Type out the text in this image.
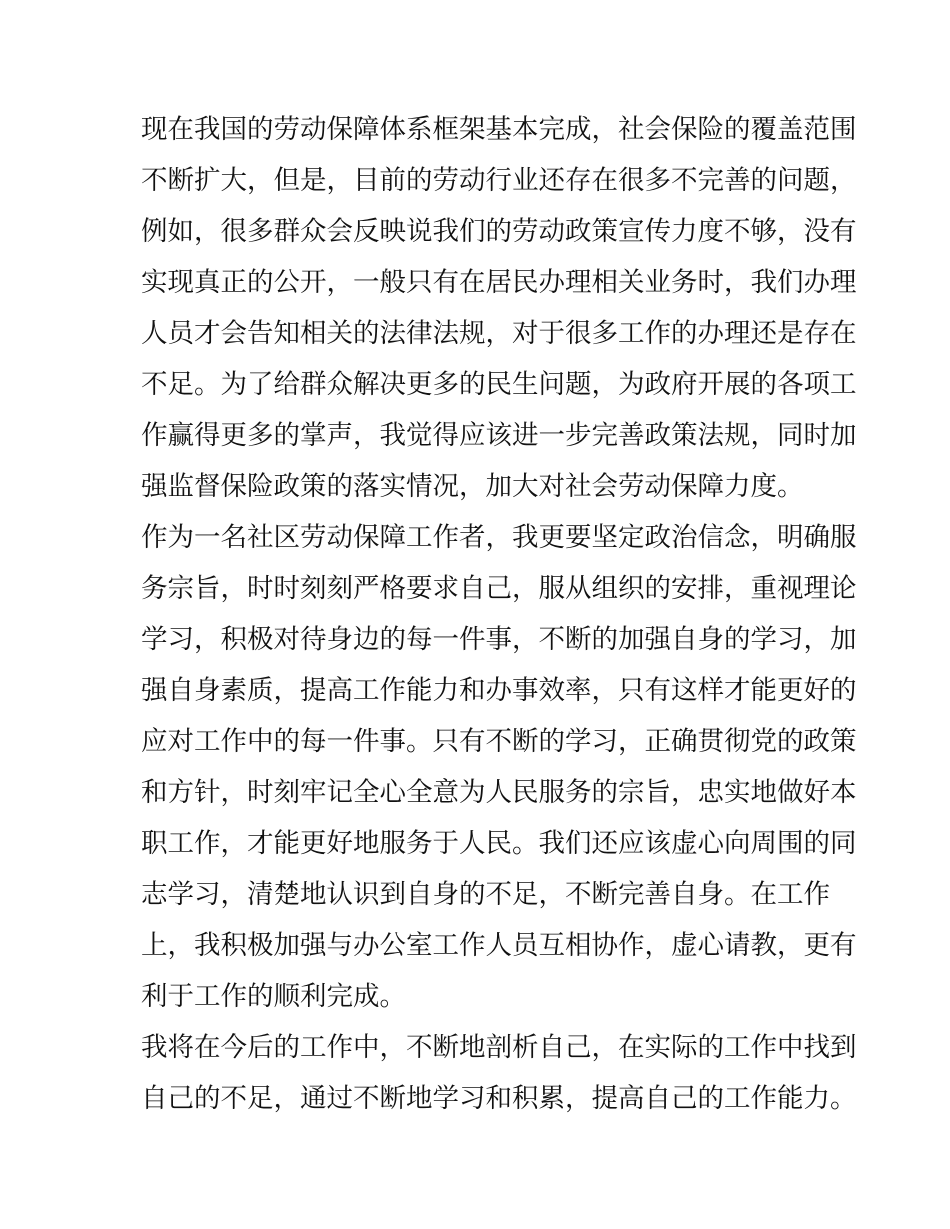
现在我国的劳动保障体系框架基本完成，社会保险的覆盖范围
不断扩大，但是，目前的劳动行业还存在很多不完善的问题，
例如，很多群众会反映说我们的劳动政策宣传力度不够，没有
实现真正的公开，一般只有在居民办理相关业务时，我们办理
人员才会告知相关的法律法规，对于很多工作的办理还是存在
不足。为了给群众解决更多的民生问题，为政府开展的各项工
作赢得更多的掌声，我觉得应该进一步完善政策法规，同时加
强监督保险政策的落实情况，加大对社会劳动保障力度。
作为一名社区劳动保障工作者，我更要坚定政治信念，明确服
务宗旨，时时刻刻严格要求自己，服从组织的安排，重视理论
学习，积极对待身边的每一件事，不断的加强自身的学习，加
强自身素质，提高工作能力和办事效率，只有这样才能更好的
应对工作中的每一件事。只有不断的学习，正确贯彻党的政策
和方针，时刻牢记全心全意为人民服务的宗旨，忠实地做好本
职工作，才能更好地服务于人民。我们还应该虚心向周围的同
志学习，清楚地认识到自身的不足，不断完善自身。在工作
上，我积极加强与办公室工作人员互相协作，虚心请教，更有
利于工作的顺利完成。
我将在今后的工作中，不断地剖析自己，在实际的工作中找到
自己的不足，通过不断地学习和积累，提高自己的工作能力。
